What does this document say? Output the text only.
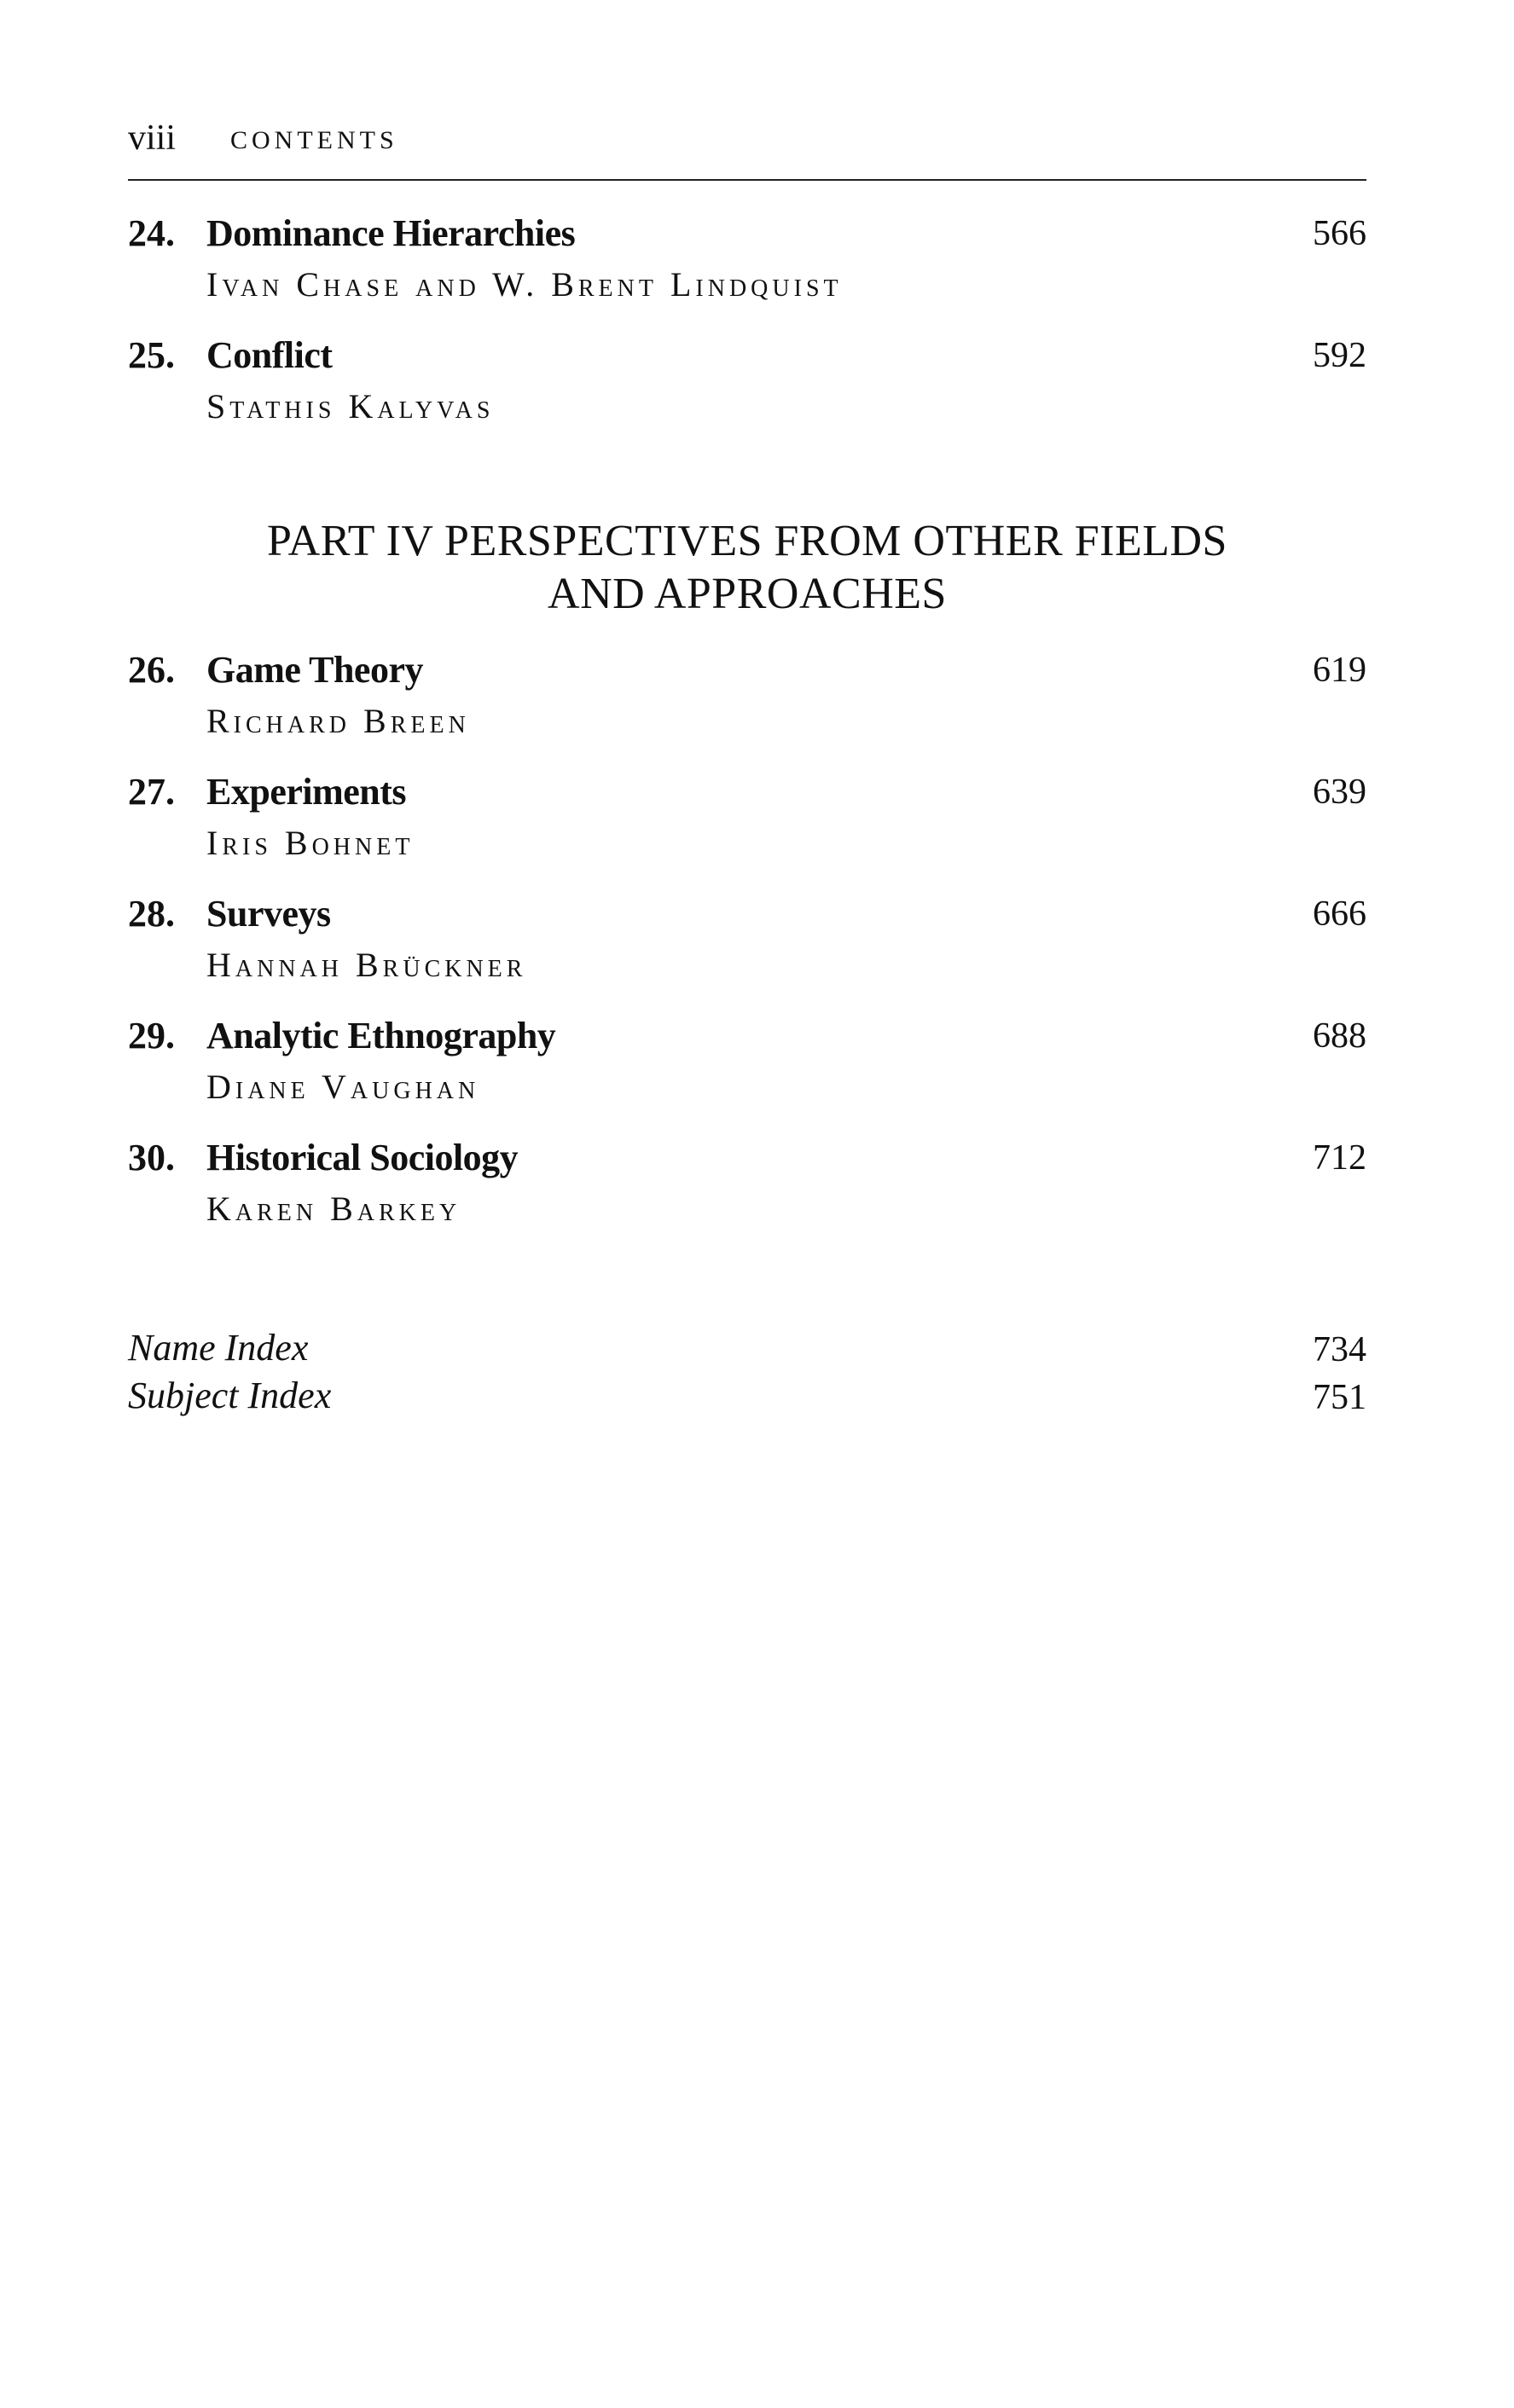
viii CONTENTS
24. Dominance Hierarchies	566
Ivan Chase and W. Brent Lindquist
25. Conflict	592
Stathis Kalyvas
PART IV PERSPECTIVES FROM OTHER FIELDS
AND APPROACHES
26. Game Theory	619
Richard Breen
27. Experiments	639
Iris Bohnet
28. Surveys	666
Hannah Brückner
29. Analytic Ethnography	688
Diane Vaughan
30. Historical Sociology	712
Karen Barkey
Name Index	734
Subject Index	751
